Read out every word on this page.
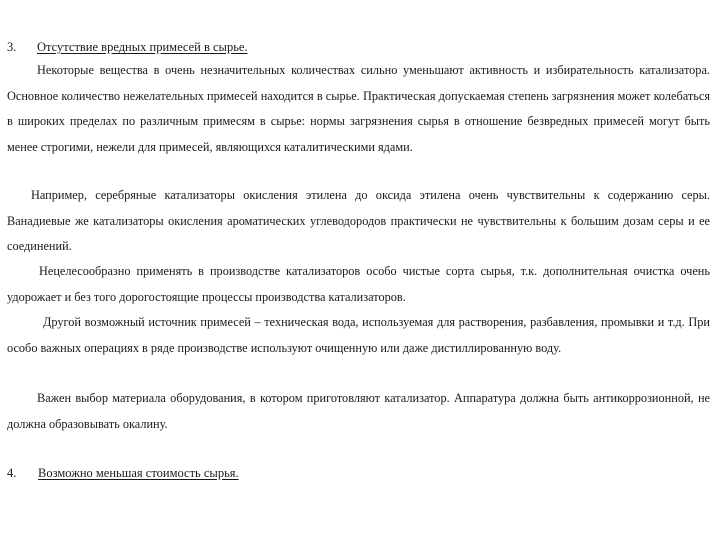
3. Отсутствие вредных примесей в сырье.

Некоторые вещества в очень незначительных количествах сильно уменьшают активность и избирательность катализатора. Основное количество нежелательных примесей находится в сырье. Практическая допускаемая степень загрязнения может колебаться в широких пределах по различным примесям в сырье: нормы загрязнения сырья в отношение безвредных примесей могут быть менее строгими, нежели для примесей, являющихся каталитическими ядами.

Например, серебряные катализаторы окисления этилена до оксида этилена очень чувствительны к содержанию серы. Ванадиевые же катализаторы окисления ароматических углеводородов практически не чувствительны к большим дозам серы и ее соединений.

Нецелесообразно применять в производстве катализаторов особо чистые сорта сырья, т.к. дополнительная очистка очень удорожает и без того дорогостоящие процессы производства катализаторов.

Другой возможный источник примесей – техническая вода, используемая для растворения, разбавления, промывки и т.д. При особо важных операциях в ряде производстве используют очищенную или даже дистиллированную воду.

Важен выбор материала оборудования, в котором приготовляют катализатор. Аппаратура должна быть антикоррозионной, не должна образовывать окалину.

4. Возможно меньшая стоимость сырья.
